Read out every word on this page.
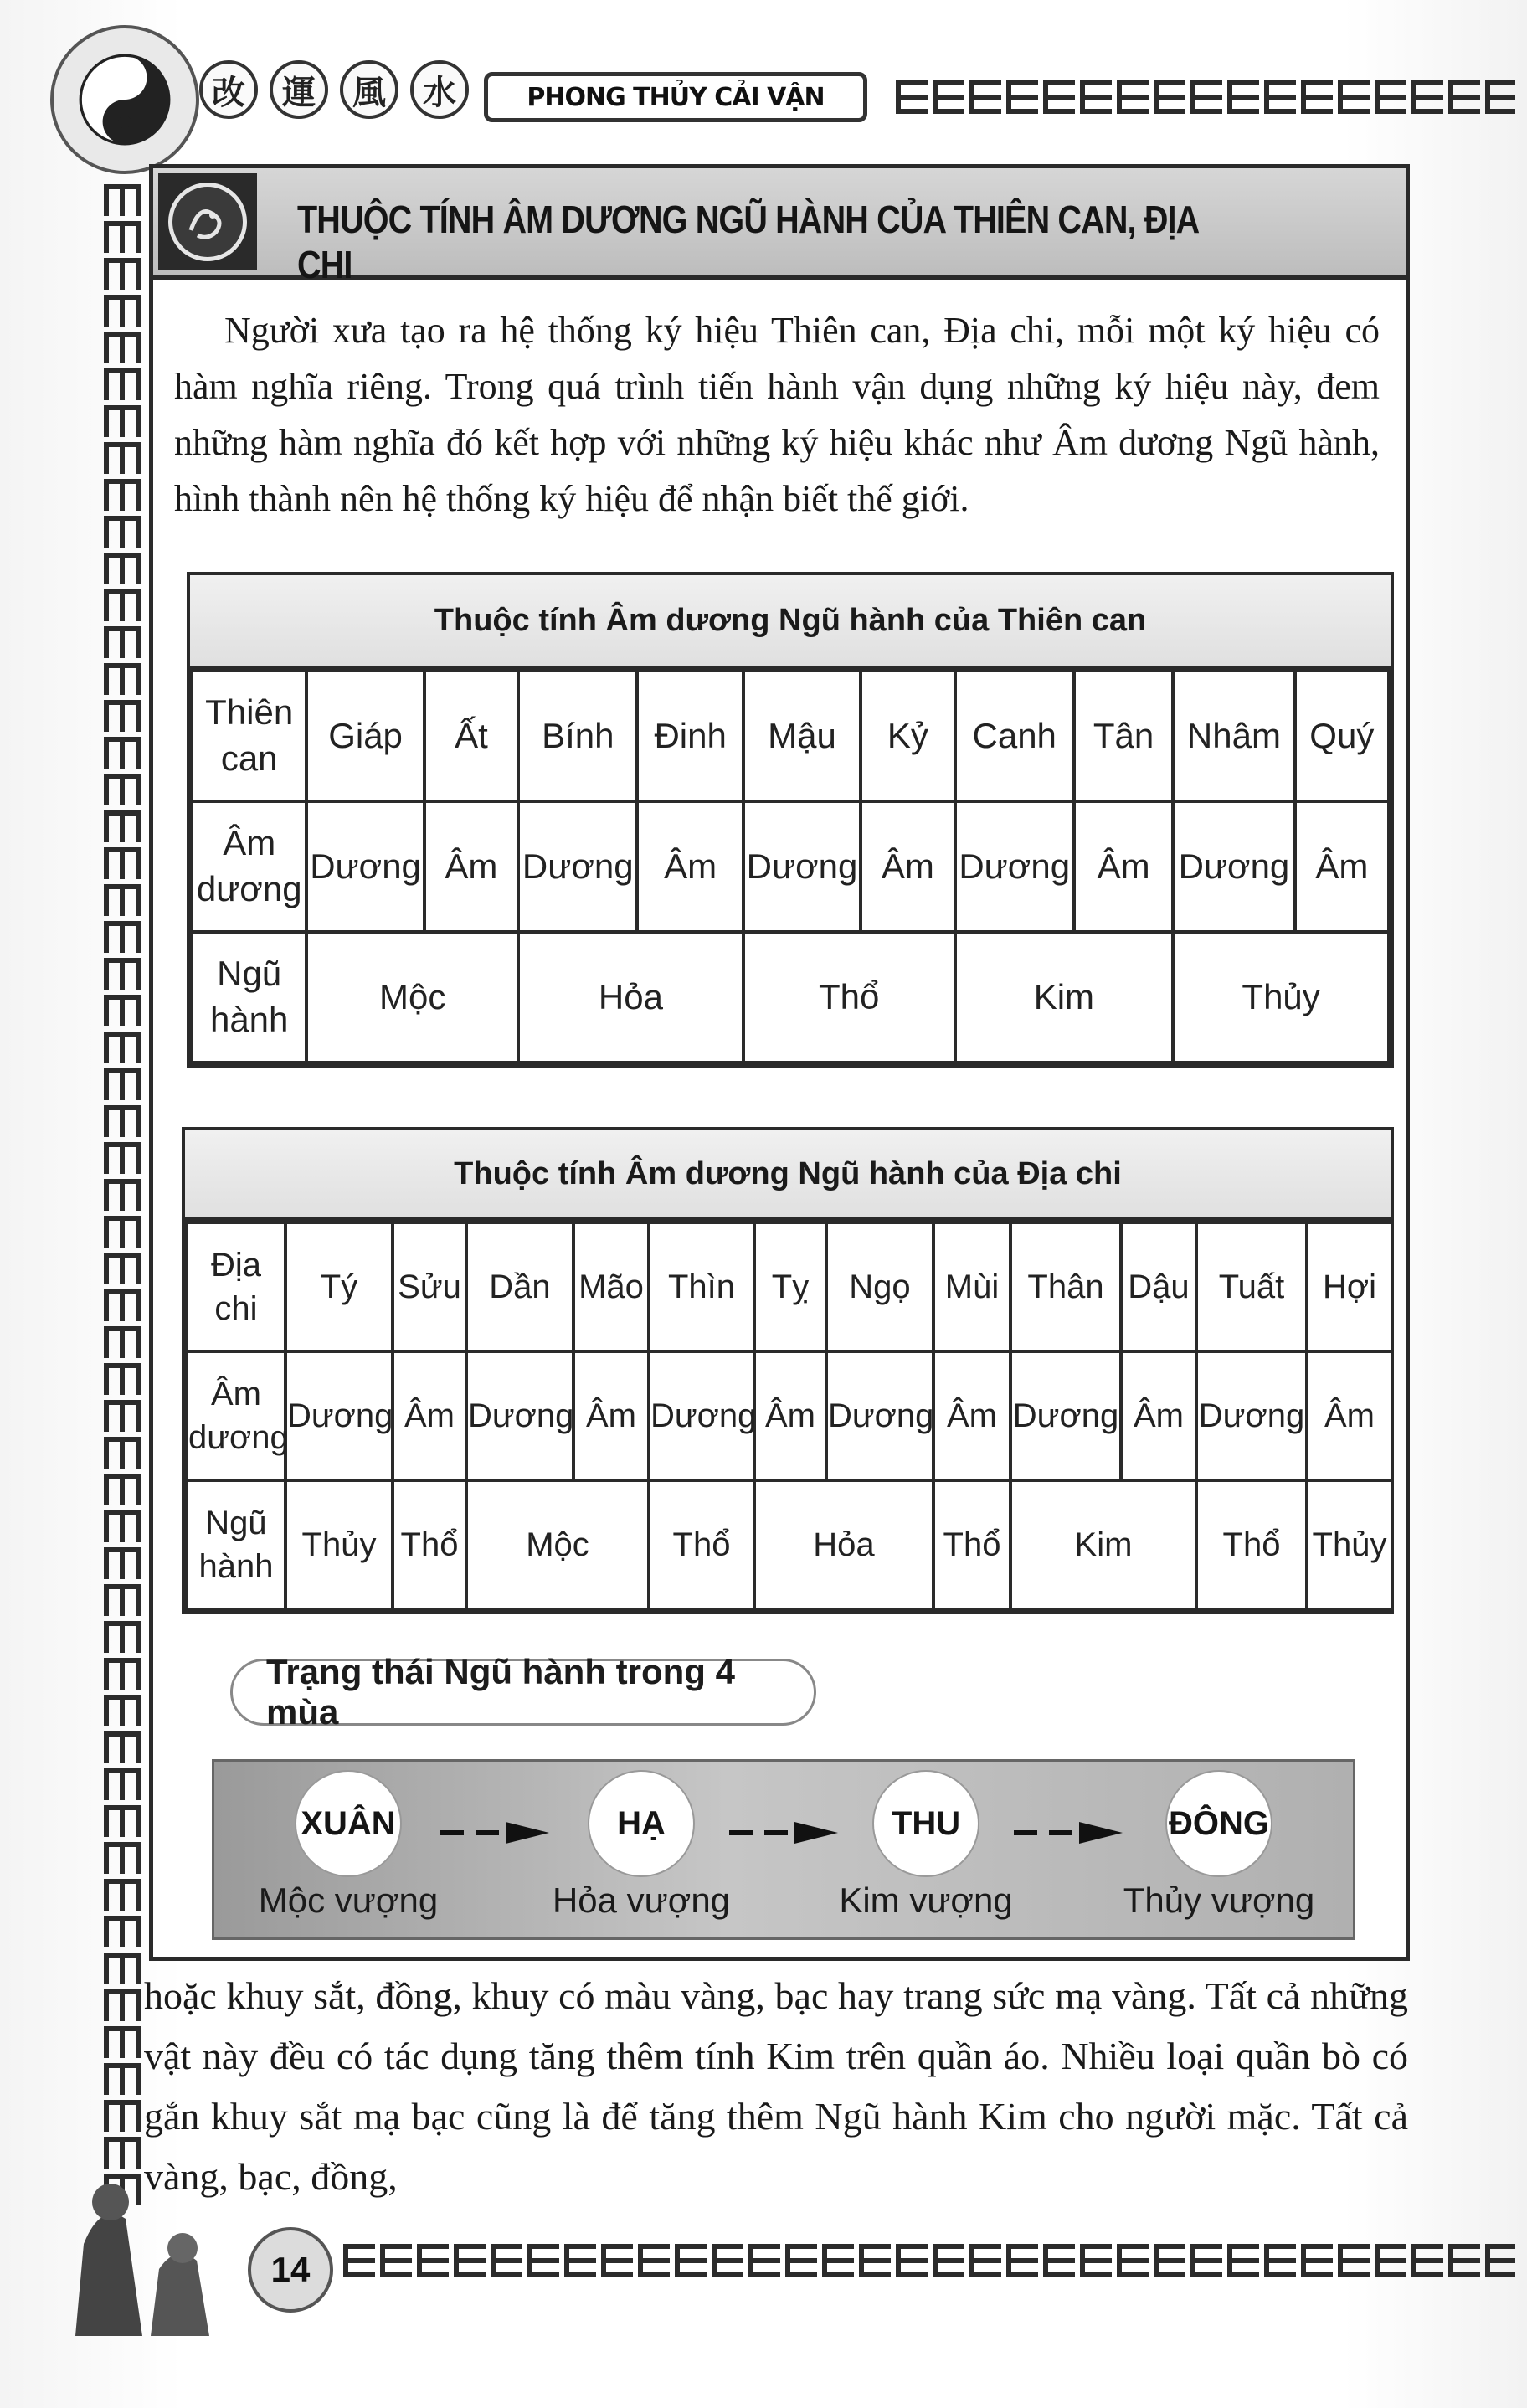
改	運	風	水	PHONG THỦY CẢI VẬN
THUỘC TÍNH ÂM DƯƠNG NGŨ HÀNH CỦA THIÊN CAN, ĐỊA CHI
Người xưa tạo ra hệ thống ký hiệu Thiên can, Địa chi, mỗi một ký hiệu có hàm nghĩa riêng. Trong quá trình tiến hành vận dụng những ký hiệu này, đem những hàm nghĩa đó kết hợp với những ký hiệu khác như Âm dương Ngũ hành, hình thành nên hệ thống ký hiệu để nhận biết thế giới.
Thuộc tính Âm dương Ngũ hành của Thiên can
Thiên can	Giáp	Ất	Bính	Đinh	Mậu	Kỷ	Canh	Tân	Nhâm	Quý
Âm dương	Dương	Âm	Dương	Âm	Dương	Âm	Dương	Âm	Dương	Âm
Ngũ hành	Mộc		Hỏa		Thổ		Kim		Thủy	
Thuộc tính Âm dương Ngũ hành của Địa chi
Địa chi	Tý	Sửu	Dần	Mão	Thìn	Tỵ	Ngọ	Mùi	Thân	Dậu	Tuất	Hợi
Âm dương	Dương	Âm	Dương	Âm	Dương	Âm	Dương	Âm	Dương	Âm	Dương	Âm
Ngũ hành	Thủy	Thổ	Mộc		Thổ	Hỏa		Thổ	Kim		Thổ	Thủy
Trạng thái Ngũ hành trong 4 mùa
XUÂN
Mộc vượng
HẠ
Hỏa vượng
THU
Kim vượng
ĐÔNG
Thủy vượng
hoặc khuy sắt, đồng, khuy có màu vàng, bạc hay trang sức mạ vàng. Tất cả những vật này đều có tác dụng tăng thêm tính Kim trên quần áo. Nhiều loại quần bò có gắn khuy sắt mạ bạc cũng là để tăng thêm Ngũ hành Kim cho người mặc. Tất cả vàng, bạc, đồng,
14
